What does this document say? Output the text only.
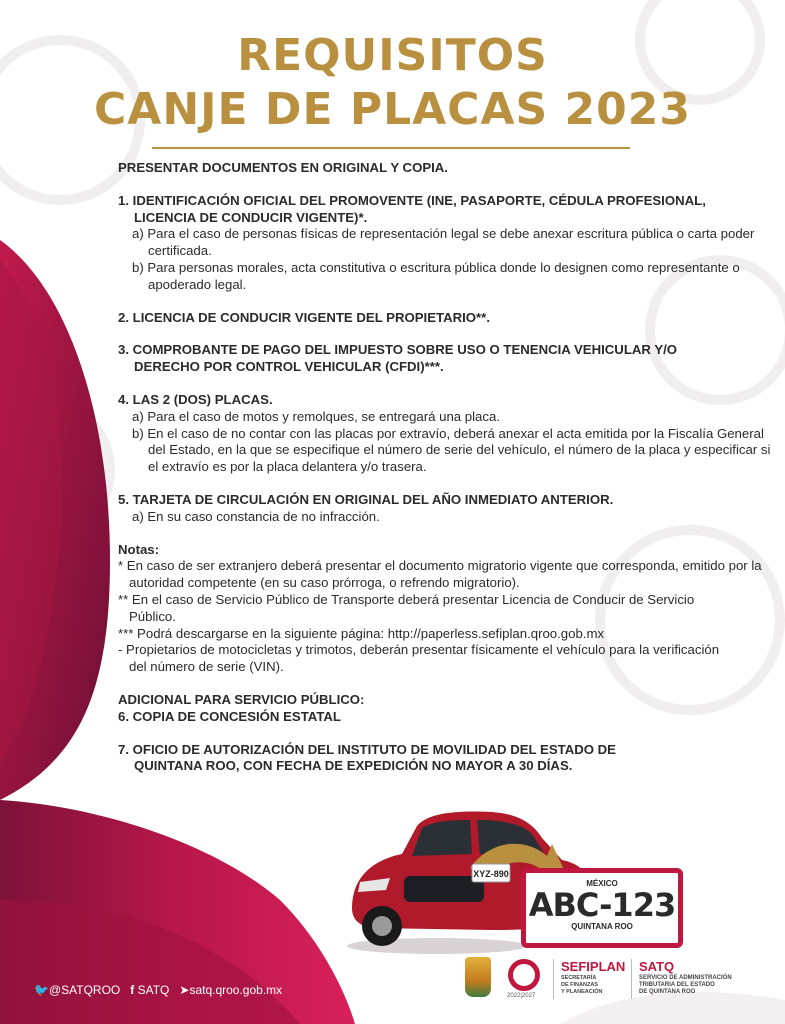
REQUISITOS
CANJE DE PLACAS 2023

PRESENTAR DOCUMENTOS EN ORIGINAL Y COPIA.

1. IDENTIFICACIÓN OFICIAL DEL PROMOVENTE (INE, PASAPORTE, CÉDULA PROFESIONAL,

LICENCIA DE CONDUCIR VIGENTE)*.

a) Para el caso de personas físicas de representación legal se debe anexar escritura pública o carta poder certificada.

b) Para personas morales, acta constitutiva o escritura pública donde lo designen como representante o apoderado legal.

2. LICENCIA DE CONDUCIR VIGENTE DEL PROPIETARIO**.

3. COMPROBANTE DE PAGO DEL IMPUESTO SOBRE USO O TENENCIA VEHICULAR Y/O

DERECHO POR CONTROL VEHICULAR (CFDI)***.

4. LAS 2 (DOS) PLACAS.

a) Para el caso de motos y remolques, se entregará una placa.

b) En el caso de no contar con las placas por extravío, deberá anexar el acta emitida por la Fiscalía General del Estado, en la que se especifique el número de serie del vehículo, el número de la placa y especificar si el extravío es por la placa delantera y/o trasera.

5. TARJETA DE CIRCULACIÓN EN ORIGINAL DEL AÑO INMEDIATO ANTERIOR.

a) En su caso constancia de no infracción.

Notas:

* En caso de ser extranjero deberá presentar el documento migratorio vigente que corresponda, emitido por la autoridad competente (en su caso prórroga, o refrendo migratorio).

** En el caso de Servicio Público de Transporte deberá presentar Licencia de Conducir de Servicio Público.

*** Podrá descargarse en la siguiente página: http://paperless.sefiplan.qroo.gob.mx

- Propietarios de motocicletas y trimotos, deberán presentar físicamente el vehículo para la verificación del número de serie (VIN).

ADICIONAL PARA SERVICIO PÚBLICO:

6. COPIA DE CONCESIÓN ESTATAL

7. OFICIO DE AUTORIZACIÓN DEL INSTITUTO DE MOVILIDAD DEL ESTADO DE

QUINTANA ROO, CON FECHA DE EXPEDICIÓN NO MAYOR A 30 DÍAS.

XYZ-890
MÉXICO
ABC-123
QUINTANA ROO
2022|2027
SEFIPLAN
SECRETARÍA
DE FINANZAS
Y PLANEACIÓN
SATQ
SERVICIO DE ADMINISTRACIÓN
TRIBUTARIA DEL ESTADO
DE QUINTANA ROO
🐦@SATQROO f SATQ ➤satq.qroo.gob.mx
